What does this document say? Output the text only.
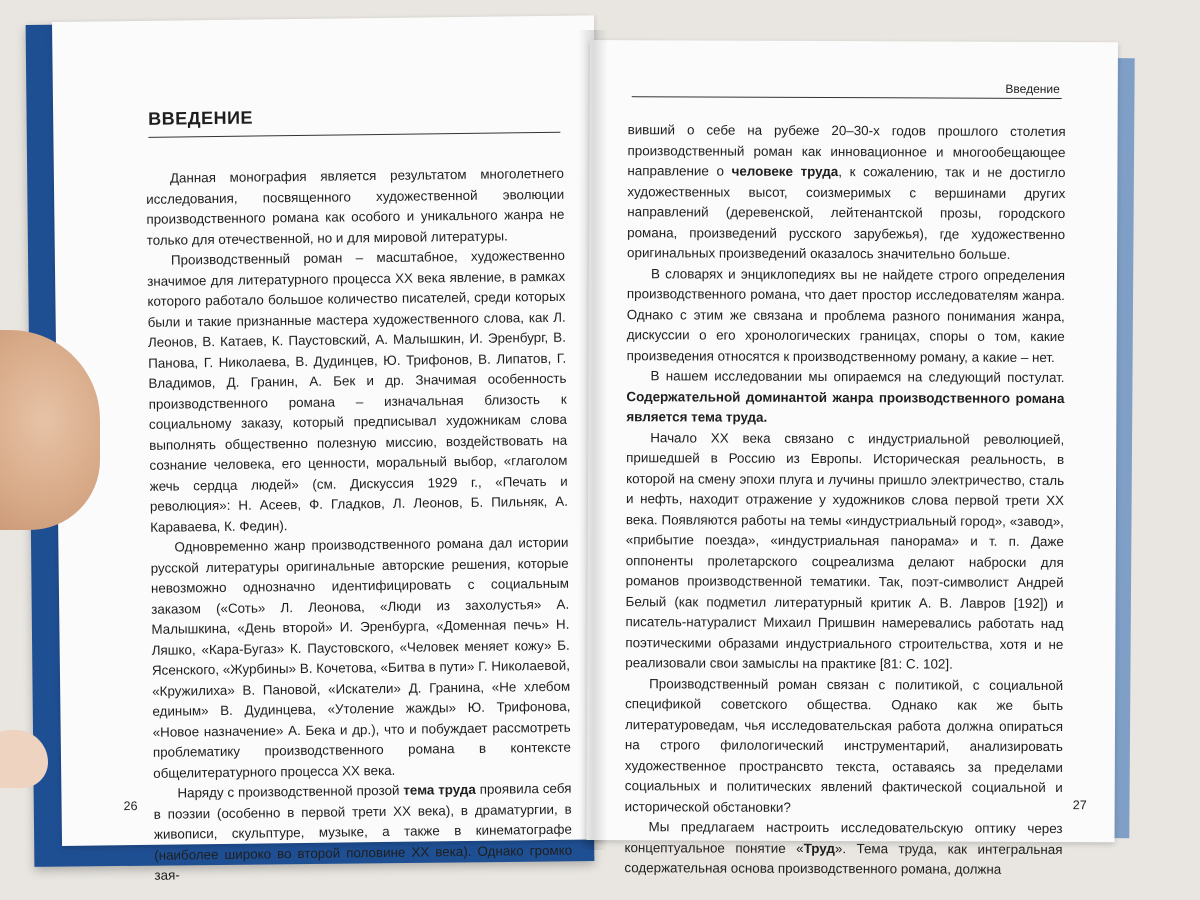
ВВЕДЕНИЕ

Данная монография является результатом многолетнего исследования, посвященного художественной эволюции производственного романа как особого и уникального жанра не только для отечественной, но и для мировой литературы.

Производственный роман – масштабное, художественно значимое для литературного процесса XX века явление, в рамках которого работало большое количество писателей, среди которых были и такие признанные мастера художественного слова, как Л. Леонов, В. Катаев, К. Паустовский, А. Малышкин, И. Эренбург, В. Панова, Г. Николаева, В. Дудинцев, Ю. Трифонов, В. Липатов, Г. Владимов, Д. Гранин, А. Бек и др. Значимая особенность производственного романа – изначальная близость к социальному заказу, который предписывал художникам слова выполнять общественно полезную миссию, воздействовать на сознание человека, его ценности, моральный выбор, «глаголом жечь сердца людей» (см. Дискуссия 1929 г., «Печать и революция»: Н. Асеев, Ф. Гладков, Л. Леонов, Б. Пильняк, А. Караваева, К. Федин).

Одновременно жанр производственного романа дал истории русской литературы оригинальные авторские решения, которые невозможно однозначно идентифицировать с социальным заказом («Соть» Л. Леонова, «Люди из захолустья» А. Малышкина, «День второй» И. Эренбурга, «Доменная печь» Н. Ляшко, «Кара-Бугаз» К. Паустовского, «Человек меняет кожу» Б. Ясенского, «Журбины» В. Кочетова, «Битва в пути» Г. Николаевой, «Кружилиха» В. Пановой, «Искатели» Д. Гранина, «Не хлебом единым» В. Дудинцева, «Утоление жажды» Ю. Трифонова, «Новое назначение» А. Бека и др.), что и побуждает рассмотреть проблематику производственного романа в контексте общелитературного процесса XX века.

Наряду с производственной прозой тема труда проявила себя в поэзии (особенно в первой трети XX века), в драматургии, в живописи, скульптуре, музыке, а также в кинематографе (наиболее широко во второй половине XX века). Однако громко зая-

26
Введение

вивший о себе на рубеже 20–30-х годов прошлого столетия производственный роман как инновационное и многообещающее направление о человеке труда, к сожалению, так и не достигло художественных высот, соизмеримых с вершинами других направлений (деревенской, лейтенантской прозы, городского романа, произведений русского зарубежья), где художественно оригинальных произведений оказалось значительно больше.

В словарях и энциклопедиях вы не найдете строго определения производственного романа, что дает простор исследователям жанра. Однако с этим же связана и проблема разного понимания жанра, дискуссии о его хронологических границах, споры о том, какие произведения относятся к производственному роману, а какие – нет.

В нашем исследовании мы опираемся на следующий постулат. Содержательной доминантой жанра производственного романа является тема труда.

Начало XX века связано с индустриальной революцией, пришедшей в Россию из Европы. Историческая реальность, в которой на смену эпохи плуга и лучины пришло электричество, сталь и нефть, находит отражение у художников слова первой трети XX века. Появляются работы на темы «индустриальный город», «завод», «прибытие поезда», «индустриальная панорама» и т. п. Даже оппоненты пролетарского соцреализма делают наброски для романов производственной тематики. Так, поэт-символист Андрей Белый (как подметил литературный критик А. В. Лавров [192]) и писатель-натуралист Михаил Пришвин намеревались работать над поэтическими образами индустриального строительства, хотя и не реализовали свои замыслы на практике [81: С. 102].

Производственный роман связан с политикой, с социальной спецификой советского общества. Однако как же быть литературоведам, чья исследовательская работа должна опираться на строго филологический инструментарий, анализировать художественное пространсвто текста, оставаясь за пределами социальных и политических явлений фактической социальной и исторической обстановки?

Мы предлагаем настроить исследовательскую оптику через концептуальное понятие «Труд». Тема труда, как интегральная содержательная основа производственного романа, должна

27
